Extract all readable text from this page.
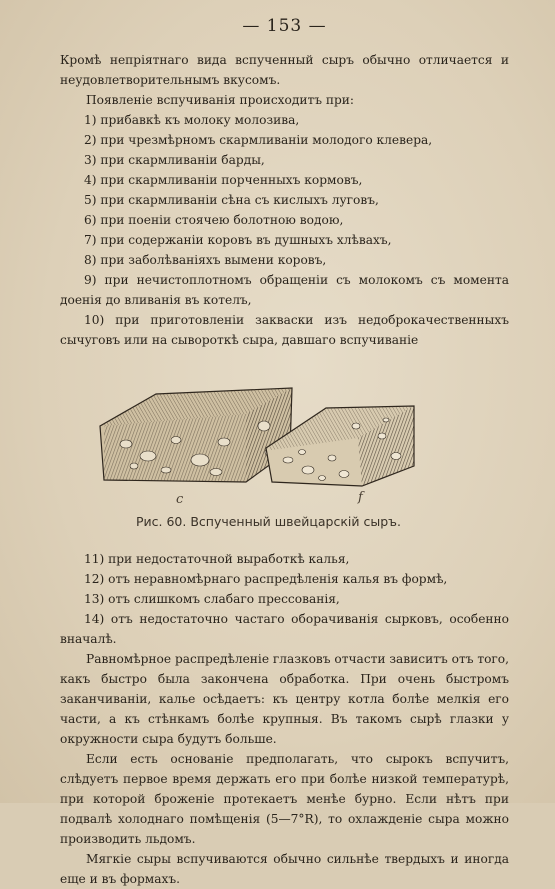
— 153 —

Кромѣ непріятнаго вида вспученный сыръ обычно отличается и неудовлетворительнымъ вкусомъ.

Появленіе вспучиванія происходитъ при:

1) прибавкѣ къ молоку молозива,

2) при чрезмѣрномъ скармливаніи молодого клевера,

3) при скармливаніи барды,

4) при скармливаніи порченныхъ кормовъ,

5) при скармливаніи сѣна съ кислыхъ луговъ,

6) при поеніи стоячею болотною водою,

7) при содержаніи коровъ въ душныхъ хлѣвахъ,

8) при заболѣваніяхъ вымени коровъ,

9) при нечистоплотномъ обращеніи съ молокомъ съ момента доенія до вливанія въ котелъ,

10) при приготовленіи закваски изъ недоброкачественныхъ сычуговъ или на сывороткѣ сыра, давшаго вспучиваніе

c	f
Рис. 60. Вспученный швейцарскій сыръ.

11) при недостаточной выработкѣ калья,

12) отъ неравномѣрнаго распредѣленія калья въ формѣ,

13) отъ слишкомъ слабаго прессованія,

14) отъ недостаточно частаго оборачиванія сырковъ, особенно вначалѣ.

Равномѣрное распредѣленіе глазковъ отчасти зависитъ отъ того, какъ быстро была закончена обработка. При очень быстромъ заканчиваніи, калье осѣдаетъ: къ центру котла болѣе мелкія его части, а къ стѣнкамъ болѣе крупныя. Въ такомъ сырѣ глазки у окружности сыра будутъ больше.

Если есть основаніе предполагать, что сырокъ вспучитъ, слѣдуетъ первое время держать его при болѣе низкой температурѣ, при которой броженіе протекаетъ менѣе бурно. Если нѣтъ при подвалѣ холоднаго помѣщенія (5—7°R), то охлажденіе сыра можно производить льдомъ.

Мягкіе сыры вспучиваются обычно сильнѣе твердыхъ и иногда еще и въ формахъ.
